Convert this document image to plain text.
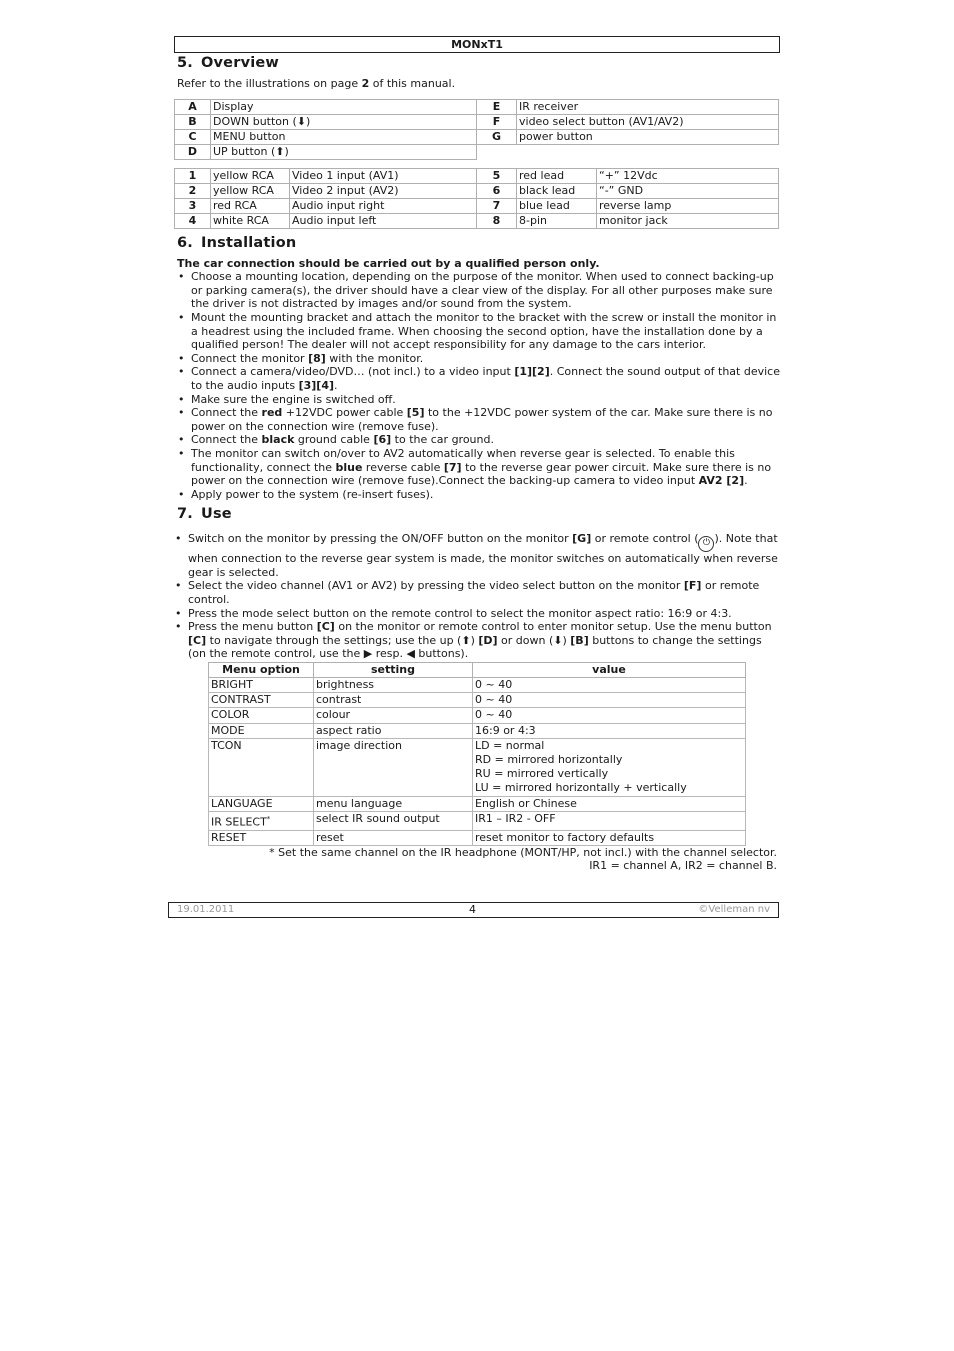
MONxT1
5. Overview

Refer to the illustrations on page 2 of this manual.

A	Display	E	IR receiver
B	DOWN button (⬇)	F	video select button (AV1/AV2)
C	MENU button	G	power button
D	UP button (⬆)		
1	yellow RCA	Video 1 input (AV1)	5	red lead	“+” 12Vdc
2	yellow RCA	Video 2 input (AV2)	6	black lead	“-” GND
3	red RCA	Audio input right	7	blue lead	reverse lamp
4	white RCA	Audio input left	8	8-pin	monitor jack
6. Installation
The car connection should be carried out by a qualified person only.
• Choose a mounting location, depending on the purpose of the monitor. When used to connect backing-up or parking camera(s), the driver should have a clear view of the display. For all other purposes make sure the driver is not distracted by images and/or sound from the system.
• Mount the mounting bracket and attach the monitor to the bracket with the screw or install the monitor in a headrest using the included frame. When choosing the second option, have the installation done by a qualified person! The dealer will not accept responsibility for any damage to the cars interior.
• Connect the monitor [8] with the monitor.
• Connect a camera/video/DVD… (not incl.) to a video input [1][2]. Connect the sound output of that device to the audio inputs [3][4].
• Make sure the engine is switched off.
• Connect the red +12VDC power cable [5] to the +12VDC power system of the car. Make sure there is no power on the connection wire (remove fuse).
• Connect the black ground cable [6] to the car ground.
• The monitor can switch on/over to AV2 automatically when reverse gear is selected. To enable this functionality, connect the blue reverse cable [7] to the reverse gear power circuit. Make sure there is no power on the connection wire (remove fuse).Connect the backing-up camera to video input AV2 [2].
• Apply power to the system (re-insert fuses).
7. Use
• Switch on the monitor by pressing the ON/OFF button on the monitor [G] or remote control ( ⏻ ). Note that when connection to the reverse gear system is made, the monitor switches on automatically when reverse gear is selected.
• Select the video channel (AV1 or AV2) by pressing the video select button on the monitor [F] or remote control.
• Press the mode select button on the remote control to select the monitor aspect ratio: 16:9 or 4:3.
• Press the menu button [C] on the monitor or remote control to enter monitor setup. Use the menu button [C] to navigate through the settings; use the up (⬆) [D] or down (⬇) [B] buttons to change the settings (on the remote control, use the ▶ resp. ◀ buttons).
Menu option	setting	value
BRIGHT	brightness	0 ~ 40
CONTRAST	contrast	0 ~ 40
COLOR	colour	0 ~ 40
MODE	aspect ratio	16:9 or 4:3
TCON	image direction	LD = normal
RD = mirrored horizontally
RU = mirrored vertically
LU = mirrored horizontally + vertically

LANGUAGE	menu language	English or Chinese
IR SELECT*	select IR sound output	IR1 – IR2 - OFF
RESET	reset	reset monitor to factory defaults
* Set the same channel on the IR headphone (MONT/HP, not incl.) with the channel selector.
IR1 = channel A, IR2 = channel B.
19.01.2011	4	©Velleman nv
